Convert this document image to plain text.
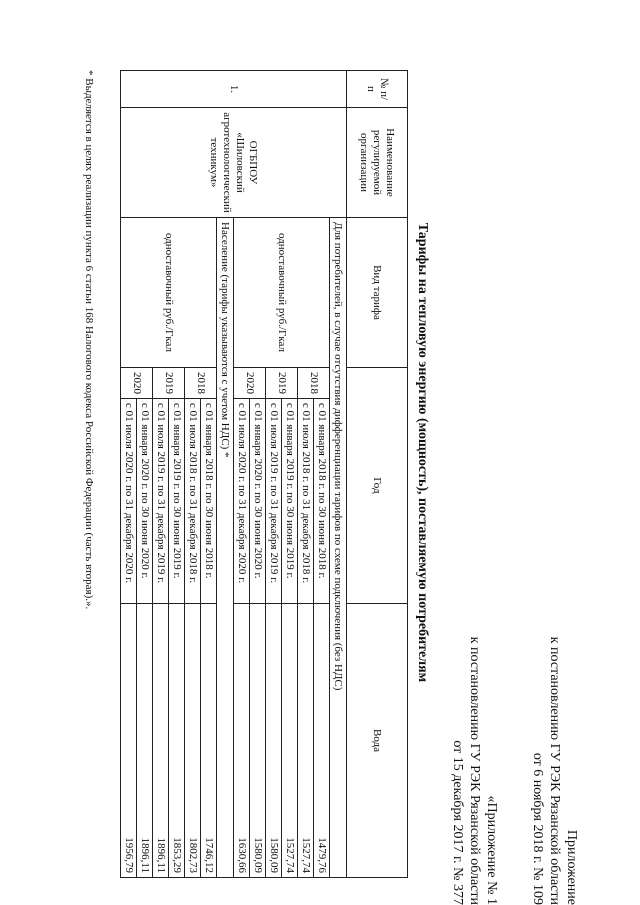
Приложение
к постановлению ГУ РЭК Рязанской области
от 6 ноября 2018 г. № 109
«Приложение № 1
к постановлению ГУ РЭК Рязанской области
от 15 декабря 2017 г. № 377
Тарифы на тепловую энергию (мощность), поставляемую потребителям
№ п/п	Наименование регулируемой организации	Вид тарифа	Год		Вода
1.	ОГБПОУ «Шиловский агротехнологический техникум»	Для потребителей, в случае отсутствия дифференциации тарифов по схеме подключения (без НДС)			
		одноставочный руб./Гкал	2018	с 01 января 2018 г. по 30 июня 2018 г.	1479,76
				с 01 июля 2018 г. по 31 декабря 2018 г.	1527,74
			2019	с 01 января 2019 г. по 30 июня 2019 г.	1527,74
				с 01 июля 2019 г. по 31 декабря 2019 г.	1580,09
			2020	с 01 января 2020 г. по 30 июня 2020 г.	1580,09
				с 01 июля 2020 г. по 31 декабря 2020 г.	1630,66
		Население (тарифы указываются с учетом НДС) *			
		одноставочный руб./Гкал	2018	с 01 января 2018 г. по 30 июня 2018 г.	1746,12
				с 01 июля 2018 г. по 31 декабря 2018 г.	1802,73
			2019	с 01 января 2019 г. по 30 июня 2019 г.	1853,29
				с 01 июля 2019 г. по 31 декабря 2019 г.	1896,11
			2020	с 01 января 2020 г. по 30 июня 2020 г.	1896,11
				с 01 июля 2020 г. по 31 декабря 2020 г.	1956,79

* Выделяется в целях реализации пункта 6 статьи 168 Налогового кодекса Российской Федерации (часть вторая).».
